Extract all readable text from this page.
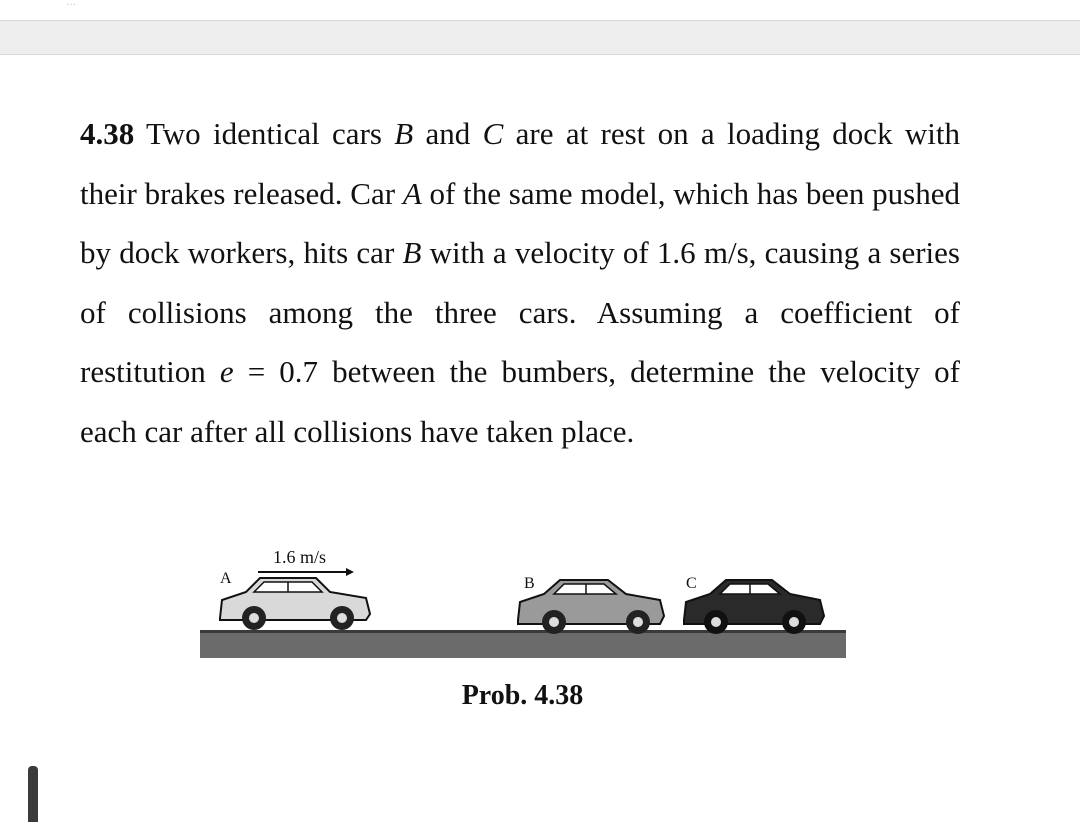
…
4.38 Two identical cars B and C are at rest on a loading dock with their brakes released. Car A of the same model, which has been pushed by dock workers, hits car B with a velocity of 1.6 m/s, causing a series of collisions among the three cars. Assuming a coefficient of restitution e = 0.7 between the bumbers, determine the velocity of each car after all collisions have taken place.
1.6 m/s
A	B	C
Prob. 4.38
